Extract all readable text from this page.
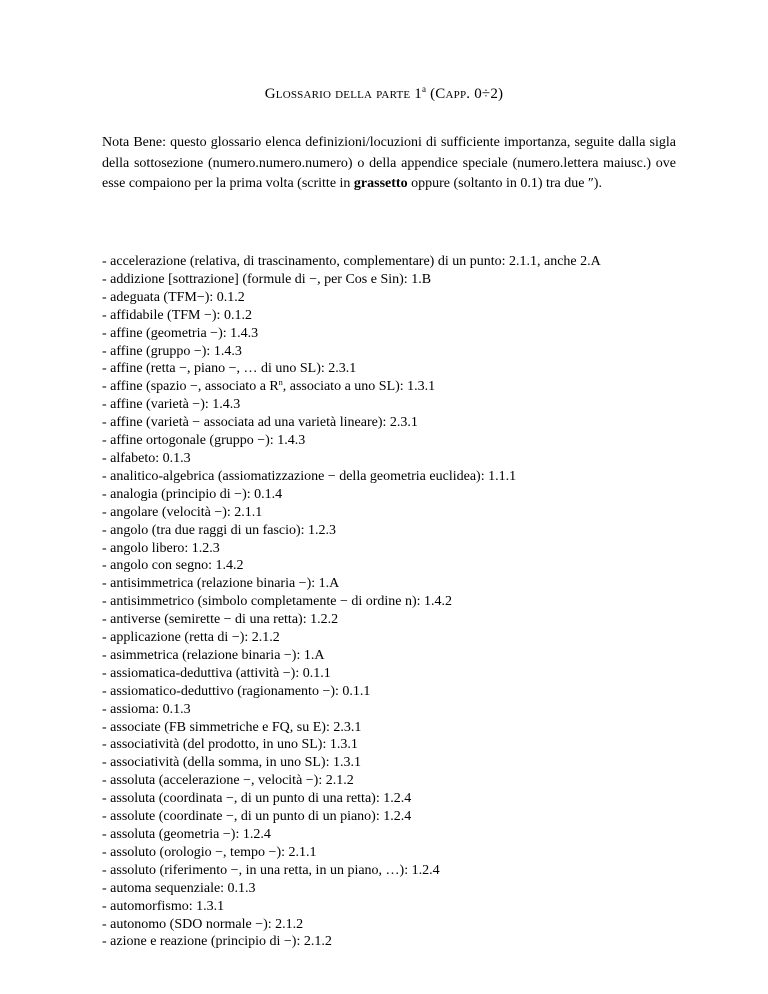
Glossario della parte 1$^a$ (Capp. 0÷2)
Nota Bene: questo glossario elenca definizioni/locuzioni di sufficiente importanza, seguite dalla sigla della sottosezione (numero.numero.numero) o della appendice speciale (numero.lettera maiusc.) ove esse compaiono per la prima volta (scritte in grassetto oppure (soltanto in 0.1) tra due ″).
- accelerazione (relativa, di trascinamento, complementare) di un punto: 2.1.1, anche 2.A
- addizione [sottrazione] (formule di −, per Cos e Sin): 1.B
- adeguata (TFM−): 0.1.2
- affidabile (TFM −): 0.1.2
- affine (geometria −): 1.4.3
- affine (gruppo −): 1.4.3
- affine (retta −, piano −, … di uno SL): 2.3.1
- affine (spazio −, associato a $R^n$, associato a uno SL): 1.3.1
- affine (varietà −): 1.4.3
- affine (varietà − associata ad una varietà lineare): 2.3.1
- affine ortogonale (gruppo −): 1.4.3
- alfabeto: 0.1.3
- analitico-algebrica (assiomatizzazione − della geometria euclidea): 1.1.1
- analogia (principio di −): 0.1.4
- angolare (velocità −): 2.1.1
- angolo (tra due raggi di un fascio): 1.2.3
- angolo libero: 1.2.3
- angolo con segno: 1.4.2
- antisimmetrica (relazione binaria −): 1.A
- antisimmetrico (simbolo completamente − di ordine n): 1.4.2
- antiverse (semirette − di una retta): 1.2.2
- applicazione (retta di −): 2.1.2
- asimmetrica (relazione binaria −): 1.A
- assiomatica-deduttiva (attività −): 0.1.1
- assiomatico-deduttivo (ragionamento −): 0.1.1
- assioma: 0.1.3
- associate (FB simmetriche e FQ, su E): 2.3.1
- associatività (del prodotto, in uno SL): 1.3.1
- associatività (della somma, in uno SL): 1.3.1
- assoluta (accelerazione −, velocità −): 2.1.2
- assoluta (coordinata −, di un punto di una retta): 1.2.4
- assolute (coordinate −, di un punto di un piano): 1.2.4
- assoluta (geometria −): 1.2.4
- assoluto (orologio −, tempo −): 2.1.1
- assoluto (riferimento −, in una retta, in un piano, …): 1.2.4
- automa sequenziale: 0.1.3
- automorfismo: 1.3.1
- autonomo (SDO normale −): 2.1.2
- azione e reazione (principio di −): 2.1.2
